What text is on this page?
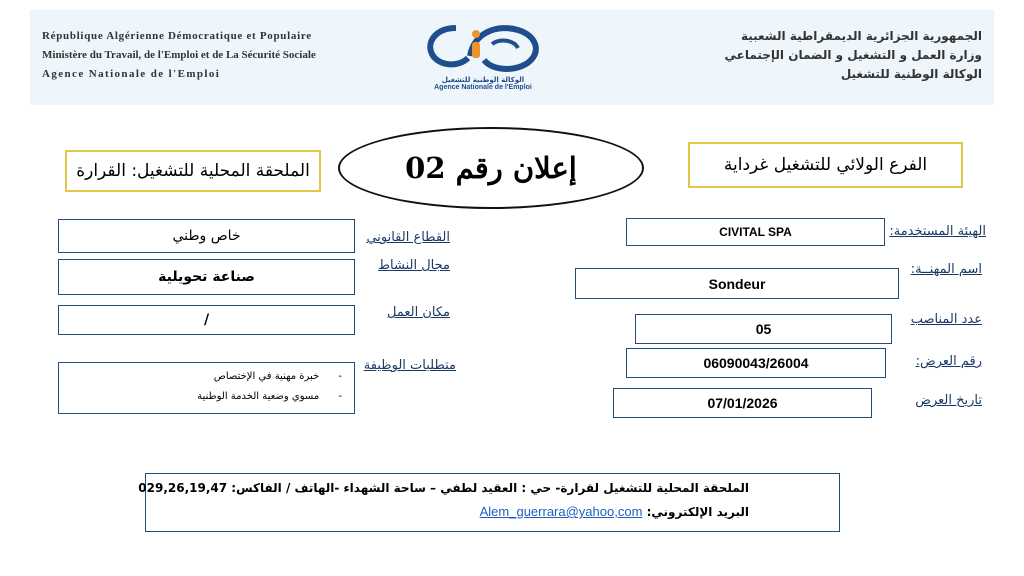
République Algérienne Démocratique et Populaire
Ministère du Travail, de l'Emploi et de La Sécurité Sociale
Agence Nationale de l'Emploi
الجمهورية الجزائرية الديمقراطية الشعبية
وزارة العمل و التشغيل و الضمان الإجتماعي
الوكالة الوطنية للتشغيل
الوكالة الوطنية للتشغيل
Agence Nationale de l'Emploi
الملحقة المحلية للتشغيل: القرارة	إعلان رقم 02	الفرع الولائي للتشغيل غرداية
القطاع القانوني
خاص وطني
مجال النشاط
صناعة تحويلية
مكان العمل
/
متطلبات الوظيفة
- خبرة مهنية في الإختصاص
- مسوي وضعية الخدمة الوطنية
الهيئة المستخدمة:
CIVITAL SPA
اسم المهنــة:
Sondeur
عدد المناصب
05
رقم العرض:
06090043/26004
تاريخ العرض
07/01/2026
الملحقة المحلية للتشغيل لقرارة- حي : العقيد لطفي – ساحة الشهداء -الهاتف / الفاكس: 029,26,19,47
البريد الإلكتروني: Alem_guerrara@yahoo,com
